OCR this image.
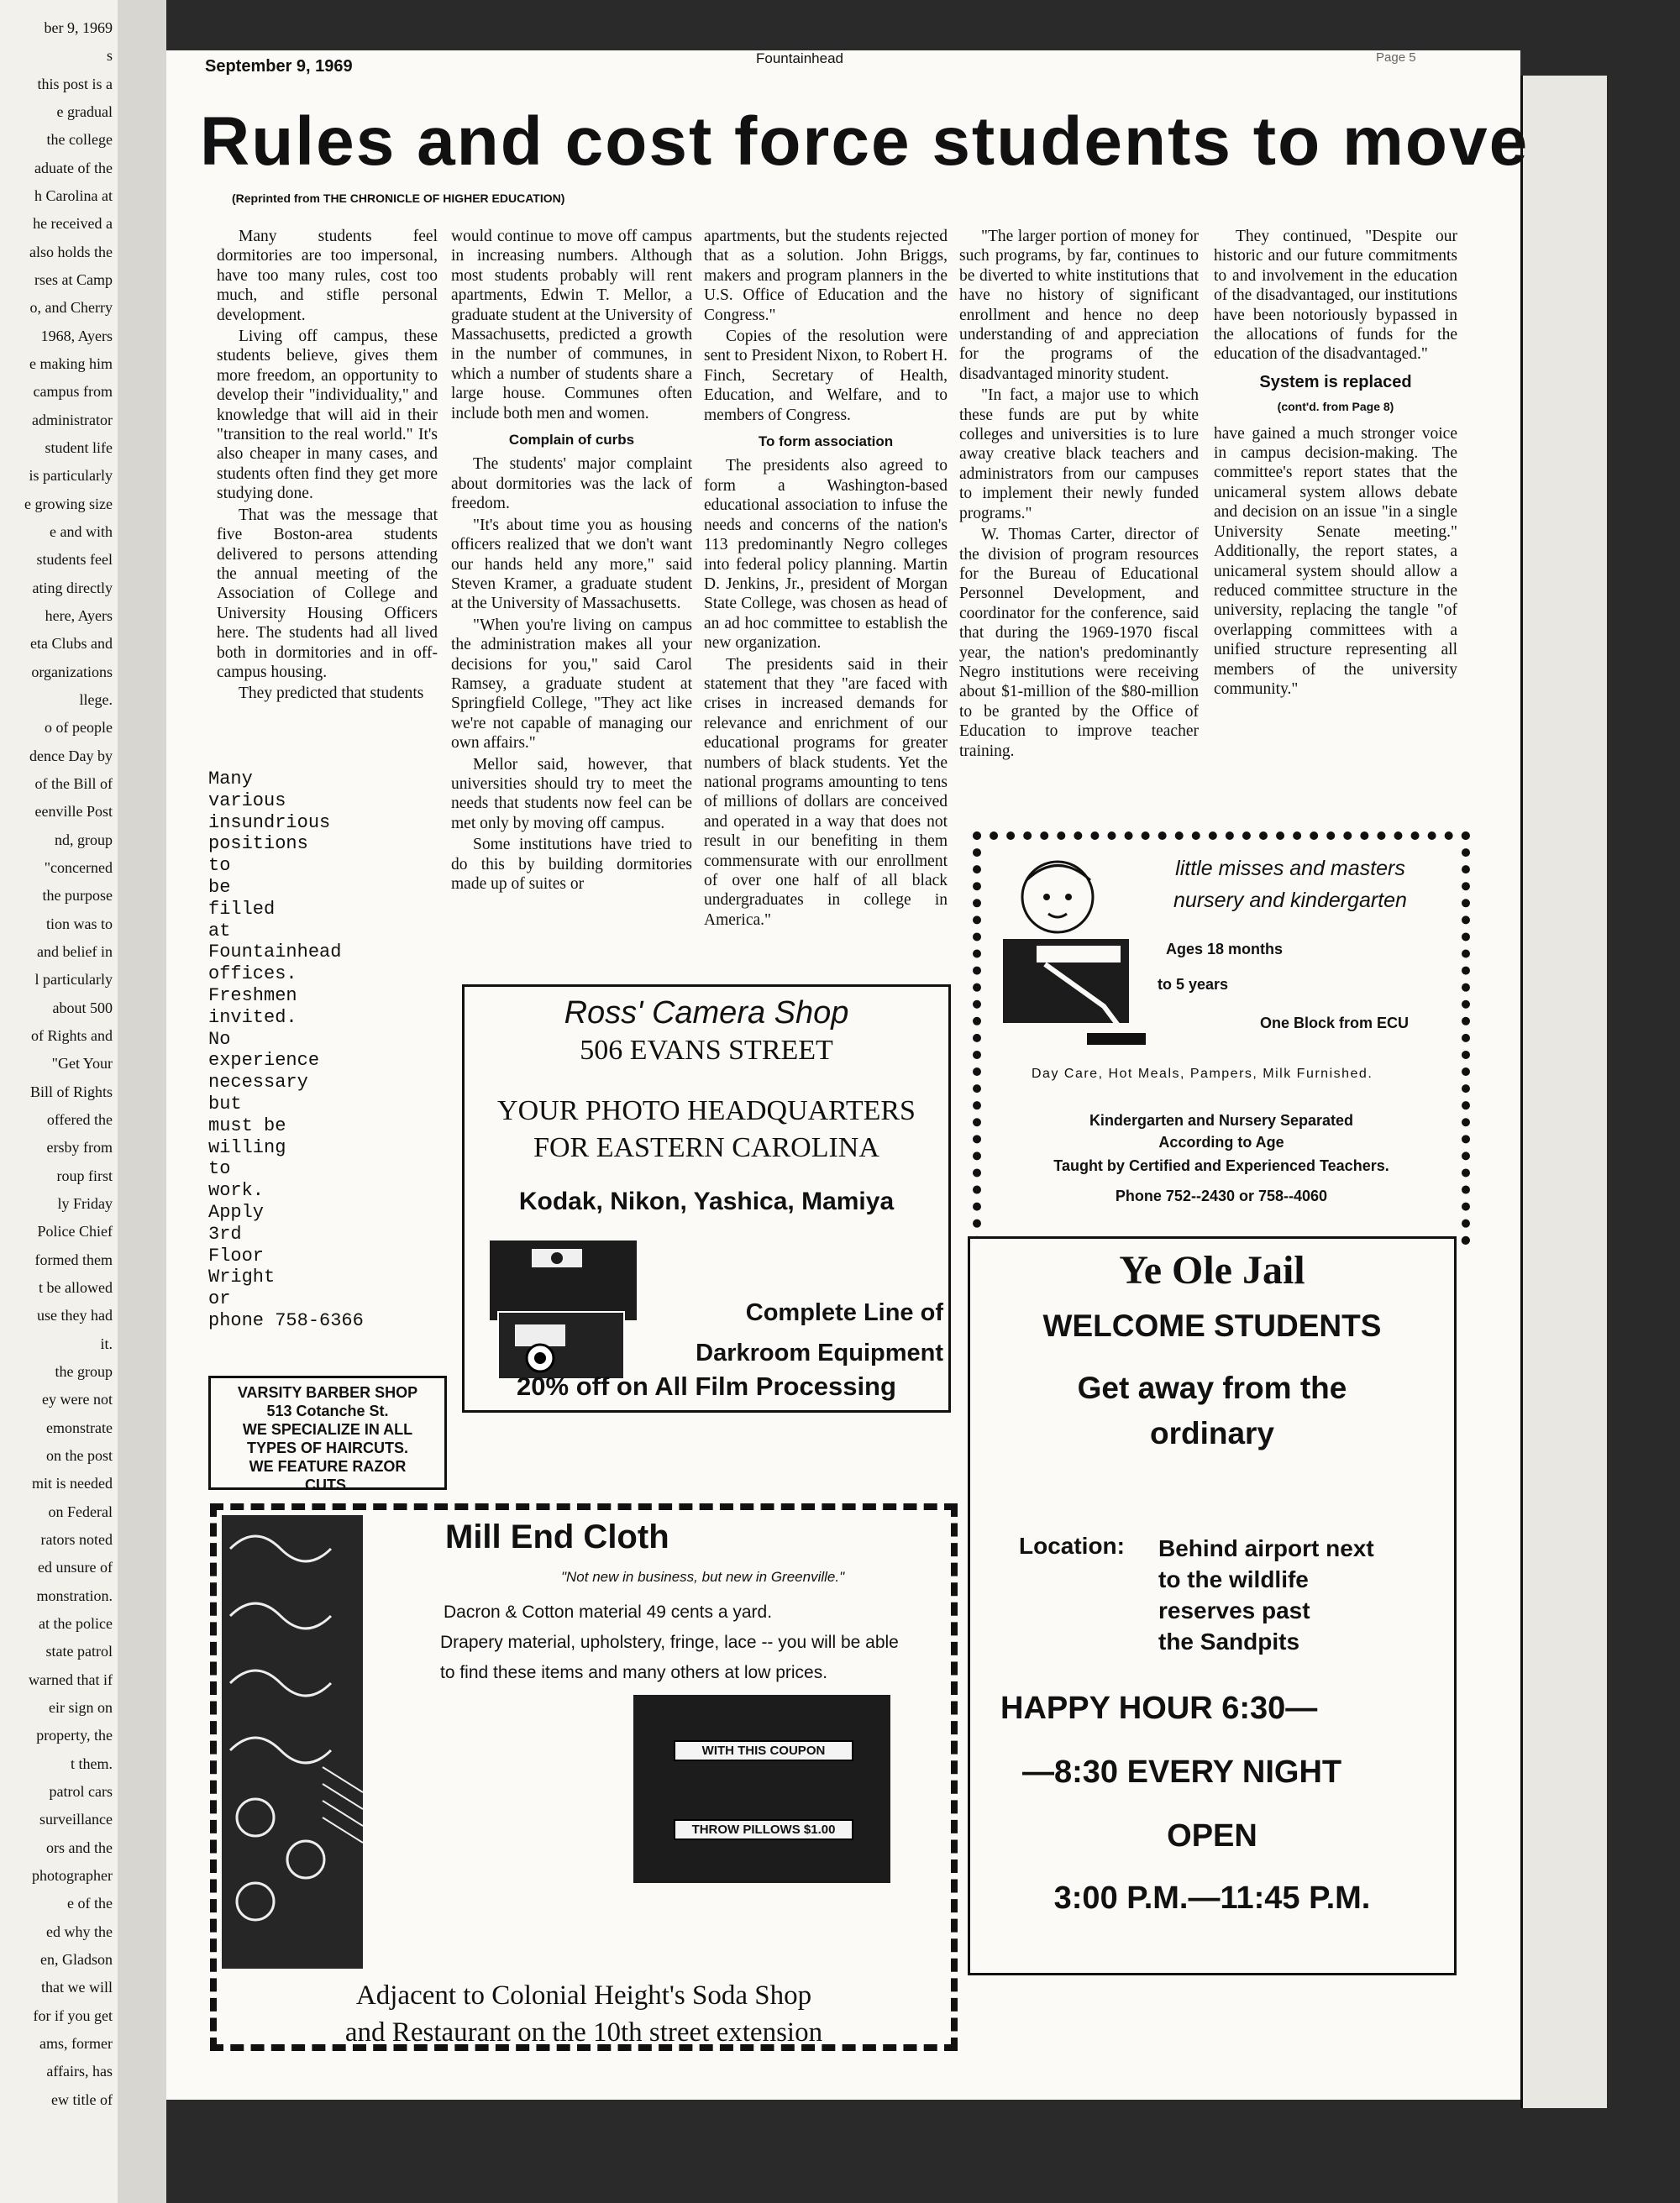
ber 9, 1969
s
this post is a
e gradual
the college
aduate of the
h Carolina at
he received a
also holds the
rses at Camp
o, and Cherry
1968, Ayers
e making him
campus from
administrator
student life
is particularly
e growing size
e and with
students feel
ating directly
here, Ayers
eta Clubs and
organizations
llege.
o of people
dence Day by
of the Bill of
eenville Post
nd, group
"concerned
the purpose
tion was to
and belief in
l particularly
about 500
of Rights and
"Get Your
Bill of Rights
offered the
ersby from
roup first
ly Friday
Police Chief
formed them
t be allowed
use they had
it.
the group
ey were not
emonstrate
on the post
mit is needed
on Federal
rators noted
ed unsure of
monstration.
at the police
state patrol
warned that if
eir sign on
property, the
t them.
patrol cars
surveillance
ors and the
photographer
e of the
ed why the
en, Gladson
that we will
for if you get
ams, former
affairs, has
ew title of
September 9, 1969	Fountainhead	Page 5
Rules and cost force students to move
(Reprinted from THE CHRONICLE OF HIGHER EDUCATION)

Many students feel dormitories are too impersonal, have too many rules, cost too much, and stifle personal development.

Living off campus, these students believe, gives them more freedom, an opportunity to develop their "individuality," and knowledge that will aid in their "transition to the real world." It's also cheaper in many cases, and students often find they get more studying done.

That was the message that five Boston-area students delivered to persons attending the annual meeting of the Association of College and University Housing Officers here. The students had all lived both in dormitories and in off-campus housing.

They predicted that students

would continue to move off campus in increasing numbers. Although most students probably will rent apartments, Edwin T. Mellor, a graduate student at the University of Massachusetts, predicted a growth in the number of communes, in which a number of students share a large house. Communes often include both men and women.

Complain of curbs

The students' major complaint about dormitories was the lack of freedom.

"It's about time you as housing officers realized that we don't want our hands held any more," said Steven Kramer, a graduate student at the University of Massachusetts.

"When you're living on campus the administration makes all your decisions for you," said Carol Ramsey, a graduate student at Springfield College, "They act like we're not capable of managing our own affairs."

Mellor said, however, that universities should try to meet the needs that students now feel can be met only by moving off campus.

Some institutions have tried to do this by building dormitories made up of suites or

apartments, but the students rejected that as a solution. John Briggs, makers and program planners in the U.S. Office of Education and the Congress."

Copies of the resolution were sent to President Nixon, to Robert H. Finch, Secretary of Health, Education, and Welfare, and to members of Congress.

To form association

The presidents also agreed to form a Washington-based educational association to infuse the needs and concerns of the nation's 113 predominantly Negro colleges into federal policy planning. Martin D. Jenkins, Jr., president of Morgan State College, was chosen as head of an ad hoc committee to establish the new organization.

The presidents said in their statement that they "are faced with crises in increased demands for relevance and enrichment of our educational programs for greater numbers of black students. Yet the national programs amounting to tens of millions of dollars are conceived and operated in a way that does not result in our benefiting in them commensurate with our enrollment of over one half of all black undergraduates in college in America."

"The larger portion of money for such programs, by far, continues to be diverted to white institutions that have no history of significant enrollment and hence no deep understanding of and appreciation for the programs of the disadvantaged minority student.

"In fact, a major use to which these funds are put by white colleges and universities is to lure away creative black teachers and administrators from our campuses to implement their newly funded programs."

W. Thomas Carter, director of the division of program resources for the Bureau of Educational Personnel Development, and coordinator for the conference, said that during the 1969-1970 fiscal year, the nation's predominantly Negro institutions were receiving about $1-million of the $80-million to be granted by the Office of Education to improve teacher training.

They continued, "Despite our historic and our future commitments to and involvement in the education of the disadvantaged, our institutions have been notoriously bypassed in the allocations of funds for the education of the disadvantaged."

System is replaced
(cont'd. from Page 8)

have gained a much stronger voice in campus decision-making. The committee's report states that the unicameral system allows debate and decision on an issue "in a single University Senate meeting." Additionally, the report states, a unicameral system should allow a reduced committee structure in the university, replacing the tangle "of overlapping committees with a unified structure representing all members of the university community."

Many
various
insundrious
positions
to
be
filled
at
Fountainhead
offices.
Freshmen
invited.
No
experience
necessary
but
must be
willing
to
work.
Apply
3rd
Floor
Wright
or
phone 758-6366
VARSITY BARBER SHOP
513 Cotanche St.
WE SPECIALIZE IN ALL
TYPES OF HAIRCUTS.
WE FEATURE RAZOR
CUTS.
Ross' Camera Shop
506 EVANS STREET
YOUR PHOTO HEADQUARTERS
FOR EASTERN CAROLINA
Kodak, Nikon, Yashica, Mamiya
Complete Line of
Darkroom Equipment
20% off on All Film Processing
little misses and masters
nursery and kindergarten
Ages 18 months
to 5 years
One Block from ECU
Day Care, Hot Meals, Pampers, Milk Furnished.
Kindergarten and Nursery Separated
According to Age
Taught by Certified and Experienced Teachers.
Phone 752--2430 or 758--4060
Ye Ole Jail
WELCOME STUDENTS
Get away from the
ordinary
Location: Behind airport next
to the wildlife
reserves past
the Sandpits
HAPPY HOUR 6:30—
—8:30 EVERY NIGHT
OPEN
3:00 P.M.—11:45 P.M.
Mill End Cloth
"Not new in business, but new in Greenville."
Dacron & Cotton material 49 cents a yard.
Drapery material, upholstery, fringe, lace -- you will be able
to find these items and many others at low prices.
WITH THIS COUPON
THROW PILLOWS $1.00
Adjacent to Colonial Height's Soda Shop
and Restaurant on the 10th street extension
